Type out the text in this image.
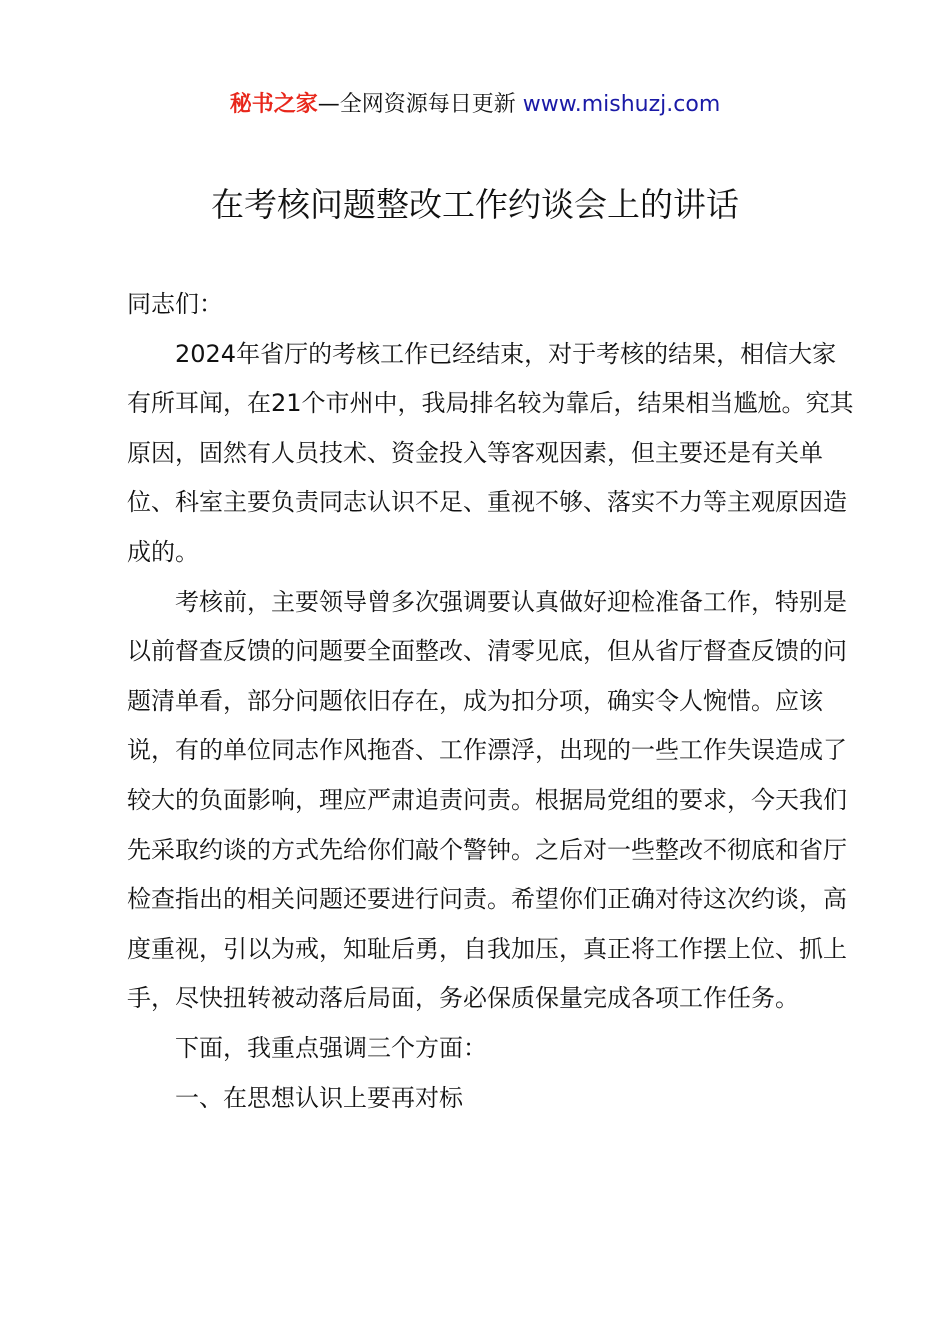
秘书之家—全网资源每日更新 www.mishuzj.com
在考核问题整改工作约谈会上的讲话

同志们：

2024年省厅的考核工作已经结束，对于考核的结果，相信大家有所耳闻，在21个市州中，我局排名较为靠后，结果相当尴尬。究其原因，固然有人员技术、资金投入等客观因素，但主要还是有关单位、科室主要负责同志认识不足、重视不够、落实不力等主观原因造成的。

考核前，主要领导曾多次强调要认真做好迎检准备工作，特别是以前督查反馈的问题要全面整改、清零见底，但从省厅督查反馈的问题清单看，部分问题依旧存在，成为扣分项，确实令人惋惜。应该说，有的单位同志作风拖沓、工作漂浮，出现的一些工作失误造成了较大的负面影响，理应严肃追责问责。根据局党组的要求，今天我们先采取约谈的方式先给你们敲个警钟。之后对一些整改不彻底和省厅检查指出的相关问题还要进行问责。希望你们正确对待这次约谈，高度重视，引以为戒，知耻后勇，自我加压，真正将工作摆上位、抓上手，尽快扭转被动落后局面，务必保质保量完成各项工作任务。

下面，我重点强调三个方面：

一、在思想认识上要再对标
